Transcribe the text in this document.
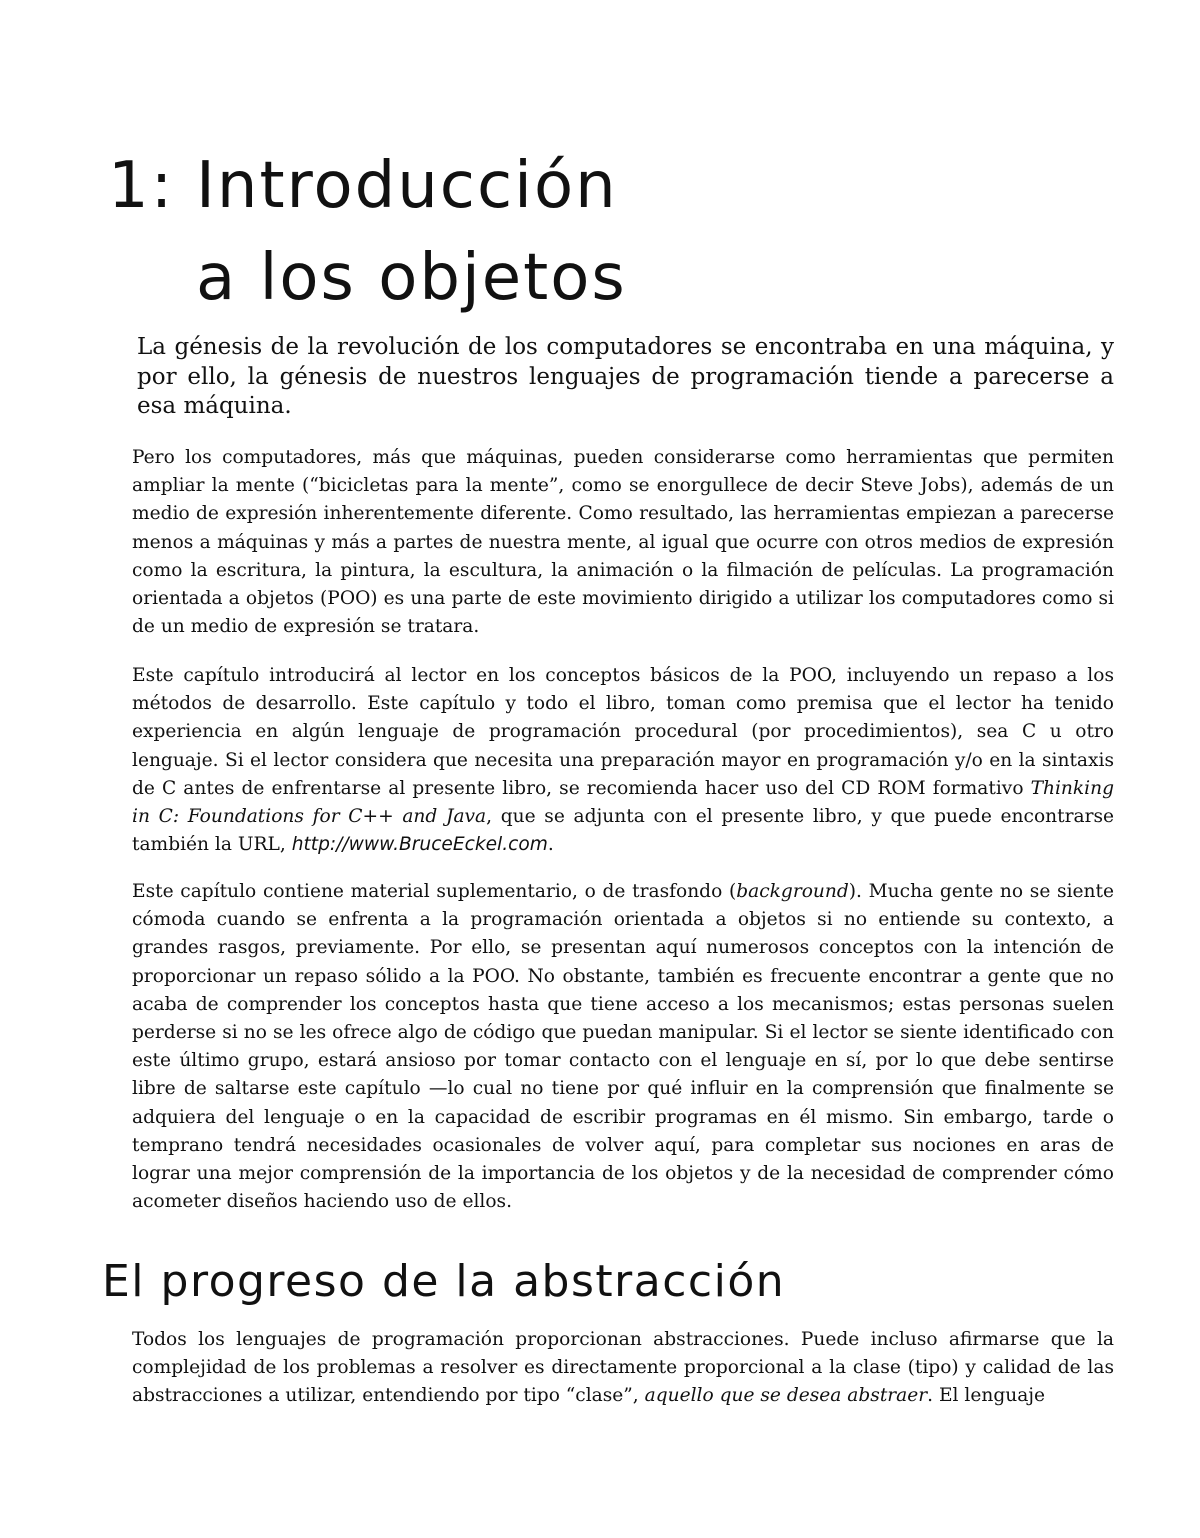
1: Introducción
a los objetos

La génesis de la revolución de los computadores se encontraba en una máquina, y por ello, la génesis de nuestros lenguajes de programación tiende a parecerse a esa máquina.

Pero los computadores, más que máquinas, pueden considerarse como herramientas que permiten ampliar la mente (“bicicletas para la mente”, como se enorgullece de decir Steve Jobs), además de un medio de expresión inherentemente diferente. Como resultado, las herramientas empiezan a parecerse menos a máquinas y más a partes de nuestra mente, al igual que ocurre con otros medios de expresión como la escritura, la pintura, la escultura, la animación o la filmación de películas. La programación orientada a objetos (POO) es una parte de este movimiento dirigido a utilizar los computadores como si de un medio de expresión se tratara.

Este capítulo introducirá al lector en los conceptos básicos de la POO, incluyendo un repaso a los métodos de desarrollo. Este capítulo y todo el libro, toman como premisa que el lector ha tenido experiencia en algún lenguaje de programación procedural (por procedimientos), sea C u otro lenguaje. Si el lector considera que necesita una preparación mayor en programación y/o en la sintaxis de C antes de enfrentarse al presente libro, se recomienda hacer uso del CD ROM formativo Thinking in C: Foundations for C++ and Java, que se adjunta con el presente libro, y que puede encontrarse también la URL, http://www.BruceEckel.com.

Este capítulo contiene material suplementario, o de trasfondo (background). Mucha gente no se siente cómoda cuando se enfrenta a la programación orientada a objetos si no entiende su contexto, a grandes rasgos, previamente. Por ello, se presentan aquí numerosos conceptos con la intención de proporcionar un repaso sólido a la POO. No obstante, también es frecuente encontrar a gente que no acaba de comprender los conceptos hasta que tiene acceso a los mecanismos; estas personas suelen perderse si no se les ofrece algo de código que puedan manipular. Si el lector se siente identificado con este último grupo, estará ansioso por tomar contacto con el lenguaje en sí, por lo que debe sentirse libre de saltarse este capítulo —lo cual no tiene por qué influir en la comprensión que finalmente se adquiera del lenguaje o en la capacidad de escribir programas en él mismo. Sin embargo, tarde o temprano tendrá necesidades ocasionales de volver aquí, para completar sus nociones en aras de lograr una mejor comprensión de la importancia de los objetos y de la necesidad de comprender cómo acometer diseños haciendo uso de ellos.

El progreso de la abstracción

Todos los lenguajes de programación proporcionan abstracciones. Puede incluso afirmarse que la complejidad de los problemas a resolver es directamente proporcional a la clase (tipo) y calidad de las abstracciones a utilizar, entendiendo por tipo “clase”, aquello que se desea abstraer. El lenguaje
